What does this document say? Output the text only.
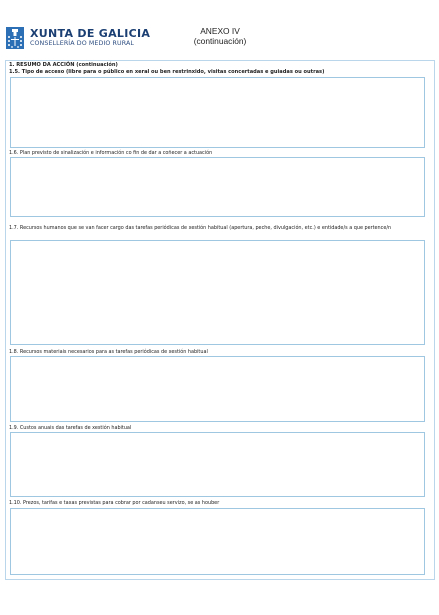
XUNTA DE GALICIA
CONSELLERÍA DO MEDIO RURAL
ANEXO IV
(continuación)
1. RESUMO DA ACCIÓN (continuación)
1.5. Tipo de acceso (libre para o público en xeral ou ben restrinxido, visitas concertadas e guiadas ou outras)
1.6. Plan previsto de sinalización e información co fin de dar a coñecer a actuación
1.7. Recursos humanos que se van facer cargo das tarefas periódicas de xestión habitual (apertura, peche, divulgación, etc.) e entidade/s a que pertence/n
1.8. Recursos materiais necesarios para as tarefas periódicas de xestión habitual
1.9. Custos anuais das tarefas de xestión habitual
1.10. Prezos, tarifas e taxas previstas para cobrar por cadanseu servizo, se as houber
